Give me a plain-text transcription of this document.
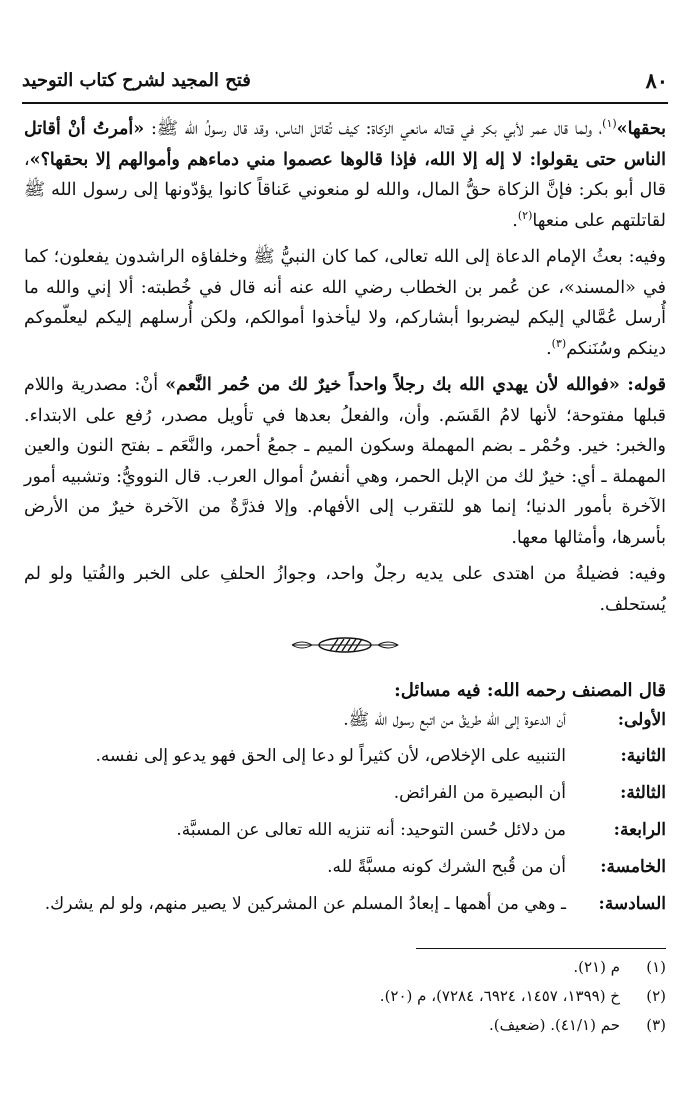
٨٠
فتح المجيد لشرح كتاب التوحيد

بحقها»$^{(١)}$، ولما قال عمر لأبي بكر في قتاله مانعي الزكاة: كيف تُقاتل الناس، وقد قال رسولُ الله ﷺ: «أمرتُ أنْ أقاتل الناس حتى يقولوا: لا إله إلا الله، فإذا قالوها عصموا مني دماءهم وأموالهم إلا بحقها؟»، قال أبو بكر: فإنَّ الزكاة حقُّ المال، والله لو منعوني عَناقاً كانوا يؤدّونها إلى رسول الله ﷺ لقاتلتهم على منعها$^{(٢)}$.

وفيه: بعثُ الإمام الدعاة إلى الله تعالى، كما كان النبيُّ ﷺ وخلفاؤه الراشدون يفعلون؛ كما في «المسند»، عن عُمر بن الخطاب رضي الله عنه أنه قال في خُطبته: ألا إني والله ما أُرسل عُمَّالي إليكم ليضربوا أبشاركم، ولا ليأخذوا أموالكم، ولكن أُرسلهم إليكم ليعلّموكم دينكم وسُنَنكم$^{(٣)}$.

قوله: «فوالله لأن يهدي الله بك رجلاً واحداً خيرٌ لك من حُمر النَّعم» أنْ: مصدرية واللام قبلها مفتوحة؛ لأنها لامُ القَسَم. وأن، والفعلُ بعدها في تأويل مصدر، رُفع على الابتداء. والخبر: خير. وحُمْر ـ بضم المهملة وسكون الميم ـ جمعُ أحمر، والنَّعَم ـ بفتح النون والعين المهملة ـ أي: خيرٌ لك من الإبل الحمر، وهي أنفسُ أموال العرب. قال النوويُّ: وتشبيه أمور الآخرة بأمور الدنيا؛ إنما هو للتقرب إلى الأفهام. وإلا فذرَّةٌ من الآخرة خيرٌ من الأرض بأسرها، وأمثالها معها.

وفيه: فضيلةُ من اهتدى على يديه رجلٌ واحد، وجوازُ الحلفِ على الخبر والفُتيا ولو لم يُستحلف.

قال المصنف رحمه الله: فيه مسائل:

الأولى:
أن الدعوة إلى الله طريقُ من اتبع رسول الله ﷺ.
الثانية:
التنبيه على الإخلاص، لأن كثيراً لو دعا إلى الحق فهو يدعو إلى نفسه.
الثالثة:
أن البصيرة من الفرائض.
الرابعة:
من دلائل حُسن التوحيد: أنه تنزيه الله تعالى عن المسبَّة.
الخامسة:
أن من قُبح الشرك كونه مسبَّةً لله.
السادسة:
ـ وهي من أهمها ـ إبعادُ المسلم عن المشركين لا يصير منهم، ولو لم يشرك.
(١)
م (٢١).
(٢)
خ (١٣٩٩، ١٤٥٧، ٦٩٢٤، ٧٢٨٤)، م (٢٠).
(٣)
حم (٤١/١). (ضعيف).
